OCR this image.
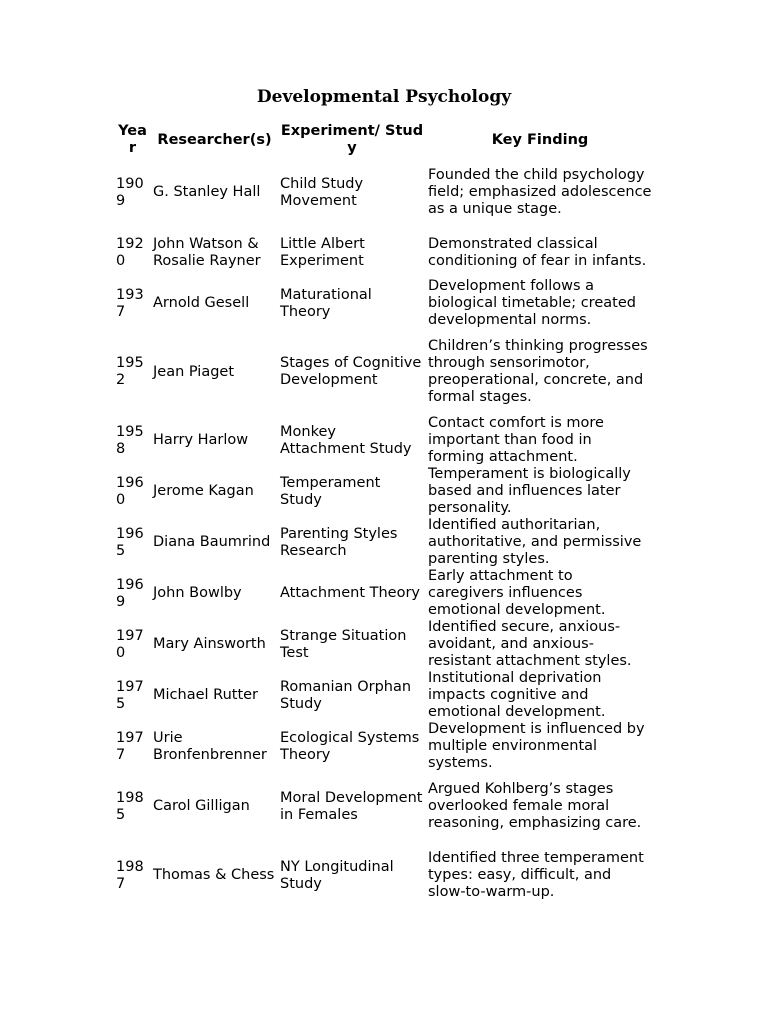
Developmental Psychology
Year	Researcher(s)	Experiment/ Study	Key Finding
1909	G. Stanley Hall	Child Study Movement	Founded the child psychology field; emphasized adolescence as a unique stage.
1920	John Watson & Rosalie Rayner	Little Albert Experiment	Demonstrated classical conditioning of fear in infants.
1937	Arnold Gesell	Maturational Theory	Development follows a biological timetable; created developmental norms.
1952	Jean Piaget	Stages of Cognitive Development	Children’s thinking progresses through sensorimotor, preoperational, concrete, and formal stages.
1958	Harry Harlow	Monkey Attachment Study	Contact comfort is more important than food in forming attachment.
1960	Jerome Kagan	Temperament Study	Temperament is biologically based and influences later personality.
1965	Diana Baumrind	Parenting Styles Research	Identified authoritarian, authoritative, and permissive parenting styles.
1969	John Bowlby	Attachment Theory	Early attachment to caregivers influences emotional development.
1970	Mary Ainsworth	Strange Situation Test	Identified secure, anxious-avoidant, and anxious-resistant attachment styles.
1975	Michael Rutter	Romanian Orphan Study	Institutional deprivation impacts cognitive and emotional development.
1977	Urie Bronfenbrenner	Ecological Systems Theory	Development is influenced by multiple environmental systems.
1985	Carol Gilligan	Moral Development in Females	Argued Kohlberg’s stages overlooked female moral reasoning, emphasizing care.
1987	Thomas & Chess	NY Longitudinal Study	Identified three temperament types: easy, difficult, and slow-to-warm-up.
